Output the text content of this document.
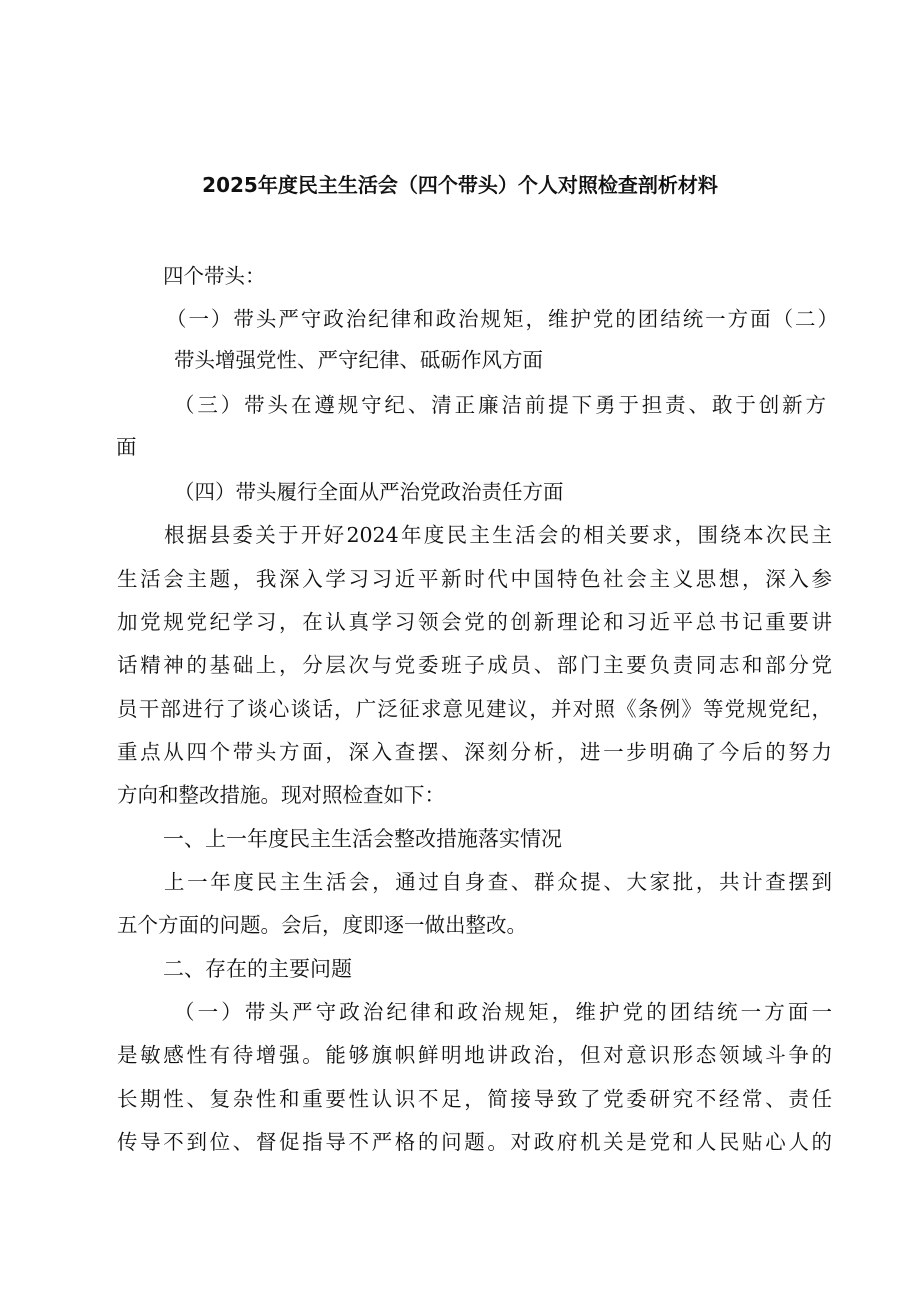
2025年度民主生活会（四个带头）个人对照检查剖析材料

四个带头：

（一）带头严守政治纪律和政治规矩，维护党的团结统一方面（二）

带头增强党性、严守纪律、砥砺作风方面

（三）带头在遵规守纪、清正廉洁前提下勇于担责、敢于创新方

面

（四）带头履行全面从严治党政治责任方面

根据县委关于开好2024年度民主生活会的相关要求，围绕本次民主

生活会主题，我深入学习习近平新时代中国特色社会主义思想，深入参

加党规党纪学习，在认真学习领会党的创新理论和习近平总书记重要讲

话精神的基础上，分层次与党委班子成员、部门主要负责同志和部分党

员干部进行了谈心谈话，广泛征求意见建议，并对照《条例》等党规党纪，

重点从四个带头方面，深入查摆、深刻分析，进一步明确了今后的努力

方向和整改措施。现对照检查如下：

一、上一年度民主生活会整改措施落实情况

上一年度民主生活会，通过自身查、群众提、大家批，共计查摆到

五个方面的问题。会后，度即逐一做出整改。

二、存在的主要问题

（一）带头严守政治纪律和政治规矩，维护党的团结统一方面一

是敏感性有待增强。能够旗帜鲜明地讲政治，但对意识形态领域斗争的

长期性、复杂性和重要性认识不足，简接导致了党委研究不经常、责任

传导不到位、督促指导不严格的问题。对政府机关是党和人民贴心人的
